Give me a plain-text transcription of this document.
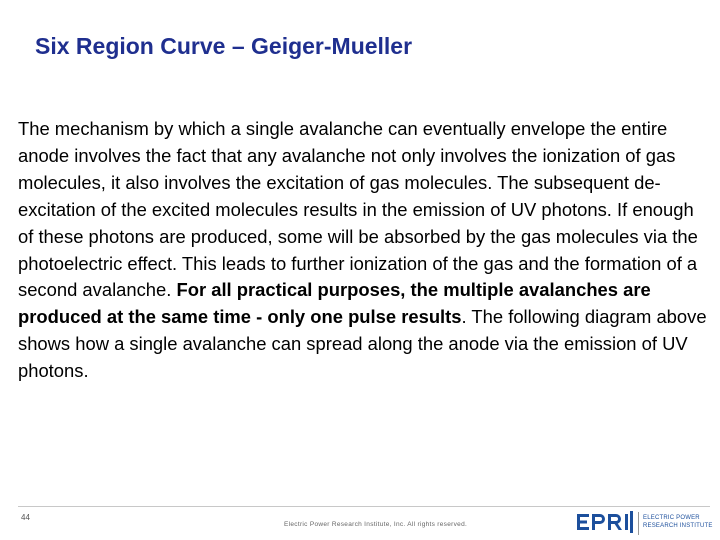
Six Region Curve – Geiger-Mueller
The mechanism by which a single avalanche can eventually envelope the entire anode involves the fact that any avalanche not only involves the ionization of gas molecules, it also involves the excitation of gas molecules. The subsequent de-excitation of the excited molecules results in the emission of UV photons. If enough of these photons are produced, some will be absorbed by the gas molecules via the photoelectric effect. This leads to further ionization of the gas and the formation of a second avalanche. For all practical purposes, the multiple avalanches are produced at the same time - only one pulse results. The following diagram above shows how a single avalanche can spread along the anode via the emission of UV photons.
44
Electric Power Research Institute, Inc. All rights reserved.
ELECTRIC POWER
RESEARCH INSTITUTE
